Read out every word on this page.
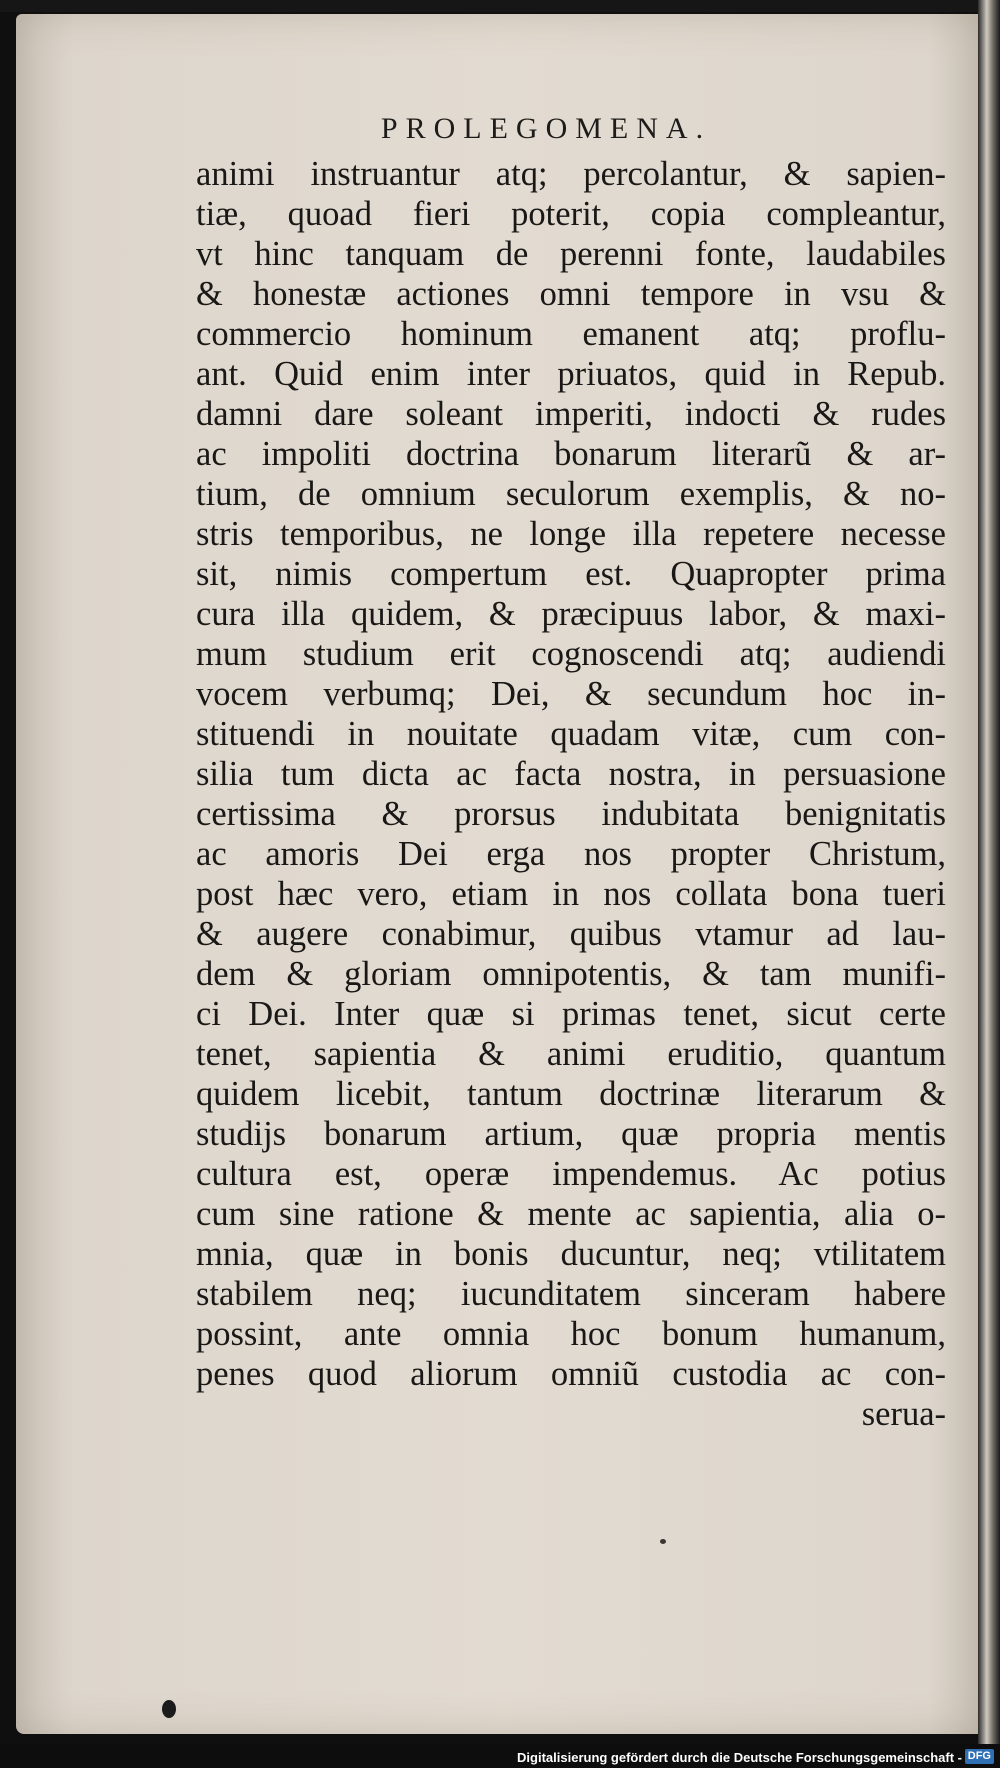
PROLEGOMENA.
animi instruantur atq; percolantur, & sapien-
tiæ, quoad fieri poterit, copia compleantur,
vt hinc tanquam de perenni fonte, laudabiles
& honestæ actiones omni tempore in vsu &
commercio hominum emanent atq; proflu-
ant. Quid enim inter priuatos, quid in Repub.
damni dare soleant imperiti, indocti & rudes
ac impoliti doctrina bonarum literarũ & ar-
tium, de omnium seculorum exemplis, & no-
stris temporibus, ne longe illa repetere necesse
sit, nimis compertum est. Quapropter prima
cura illa quidem, & præcipuus labor, & maxi-
mum studium erit cognoscendi atq; audiendi
vocem verbumq; Dei, & secundum hoc in-
stituendi in nouitate quadam vitæ, cum con-
silia tum dicta ac facta nostra, in persuasione
certissima & prorsus indubitata benignitatis
ac amoris Dei erga nos propter Christum,
post hæc vero, etiam in nos collata bona tueri
& augere conabimur, quibus vtamur ad lau-
dem & gloriam omnipotentis, & tam munifi-
ci Dei. Inter quæ si primas tenet, sicut certe
tenet, sapientia & animi eruditio, quantum
quidem licebit, tantum doctrinæ literarum &
studijs bonarum artium, quæ propria mentis
cultura est, operæ impendemus. Ac potius
cum sine ratione & mente ac sapientia, alia o-
mnia, quæ in bonis ducuntur, neq; vtilitatem
stabilem neq; iucunditatem sinceram habere
possint, ante omnia hoc bonum humanum,
penes quod aliorum omniũ custodia ac con-
serua-
Digitalisierung gefördert durch die Deutsche Forschungsgemeinschaft - DFG
